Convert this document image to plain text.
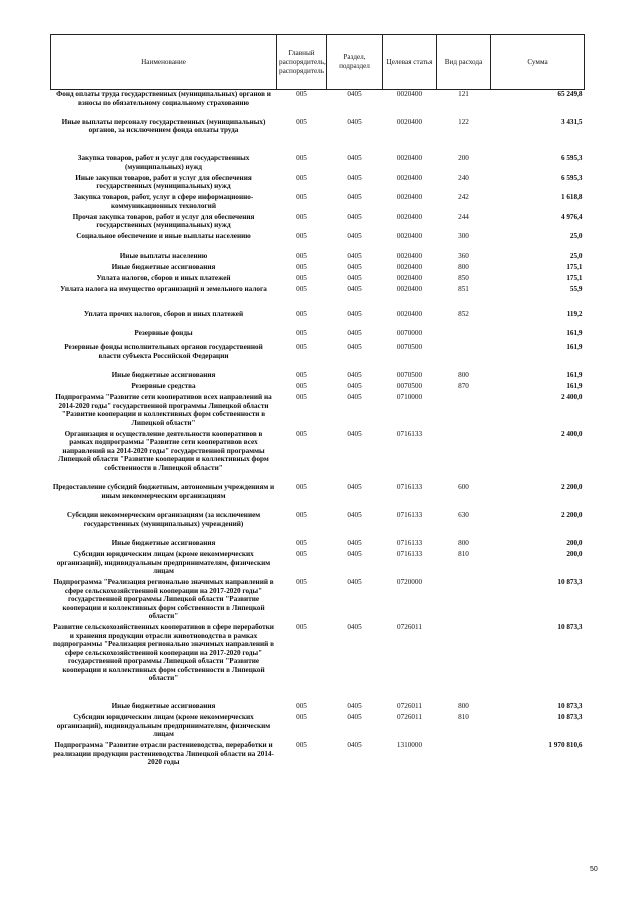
Наименование	Главный распорядитель, распорядитель	Раздел, подраздел	Целевая статья	Вид расхода	Сумма
Фонд оплаты труда государственных (муниципальных) органов и взносы по обязательному социальному страхованию	005	0405	0020400	121	65 249,8
Иные выплаты персоналу государственных (муниципальных) органов, за исключением фонда оплаты труда	005	0405	0020400	122	3 431,5
Закупка товаров, работ и услуг для государственных (муниципальных) нужд	005	0405	0020400	200	6 595,3
Иные закупки товаров, работ и услуг для обеспечения государственных (муниципальных) нужд	005	0405	0020400	240	6 595,3
Закупка товаров, работ, услуг в сфере информационно-коммуникационных технологий	005	0405	0020400	242	1 618,8
Прочая закупка товаров, работ и услуг для обеспечения государственных (муниципальных) нужд	005	0405	0020400	244	4 976,4
Социальное обеспечение и иные выплаты населению	005	0405	0020400	300	25,0
Иные выплаты населению	005	0405	0020400	360	25,0
Иные бюджетные ассигнования	005	0405	0020400	800	175,1
Уплата налогов, сборов и иных платежей	005	0405	0020400	850	175,1
Уплата налога на имущество организаций и земельного налога	005	0405	0020400	851	55,9
Уплата прочих налогов, сборов и иных платежей	005	0405	0020400	852	119,2
Резервные фонды	005	0405	0070000		161,9
Резервные фонды исполнительных органов государственной власти субъекта Российской Федерации	005	0405	0070500		161,9
Иные бюджетные ассигнования	005	0405	0070500	800	161,9
Резервные средства	005	0405	0070500	870	161,9
Подпрограмма "Развитие сети кооперативов всех направлений на 2014-2020 годы" государственной программы Липецкой области "Развитие кооперации и коллективных форм собственности в Липецкой области"	005	0405	0710000		2 400,0
Организация и осуществление деятельности кооперативов в рамках подпрограммы "Развитие сети кооперативов всех направлений на 2014-2020 годы" государственной программы Липецкой области "Развитие кооперации и коллективных форм собственности в Липецкой области"	005	0405	0716133		2 400,0
Предоставление субсидий бюджетным, автономным учреждениям и иным некоммерческим организациям	005	0405	0716133	600	2 200,0
Субсидии некоммерческим организациям (за исключением государственных (муниципальных) учреждений)	005	0405	0716133	630	2 200,0
Иные бюджетные ассигнования	005	0405	0716133	800	200,0
Субсидии юридическим лицам (кроме некоммерческих организаций), индивидуальным предпринимателям, физическим лицам	005	0405	0716133	810	200,0
Подпрограмма "Реализация регионально значимых направлений в сфере сельскохозяйственной кооперации на 2017-2020 годы" государственной программы Липецкой области "Развитие кооперации и коллективных форм собственности в Липецкой области"	005	0405	0720000		10 873,3
Развитие сельскохозяйственных кооперативов в сфере переработки и хранения продукции отрасли животноводства в рамках подпрограммы "Реализация регионально значимых направлений в сфере сельскохозяйственной кооперации на 2017-2020 годы" государственной программы Липецкой области "Развитие кооперации и коллективных форм собственности в Липецкой области"	005	0405	0726011		10 873,3
Иные бюджетные ассигнования	005	0405	0726011	800	10 873,3
Субсидии юридическим лицам (кроме некоммерческих организаций), индивидуальным предпринимателям, физическим лицам	005	0405	0726011	810	10 873,3
Подпрограмма "Развитие отрасли растениеводства, переработки и реализации продукции растениеводства Липецкой области на 2014-2020 годы	005	0405	1310000		1 970 810,6
50
